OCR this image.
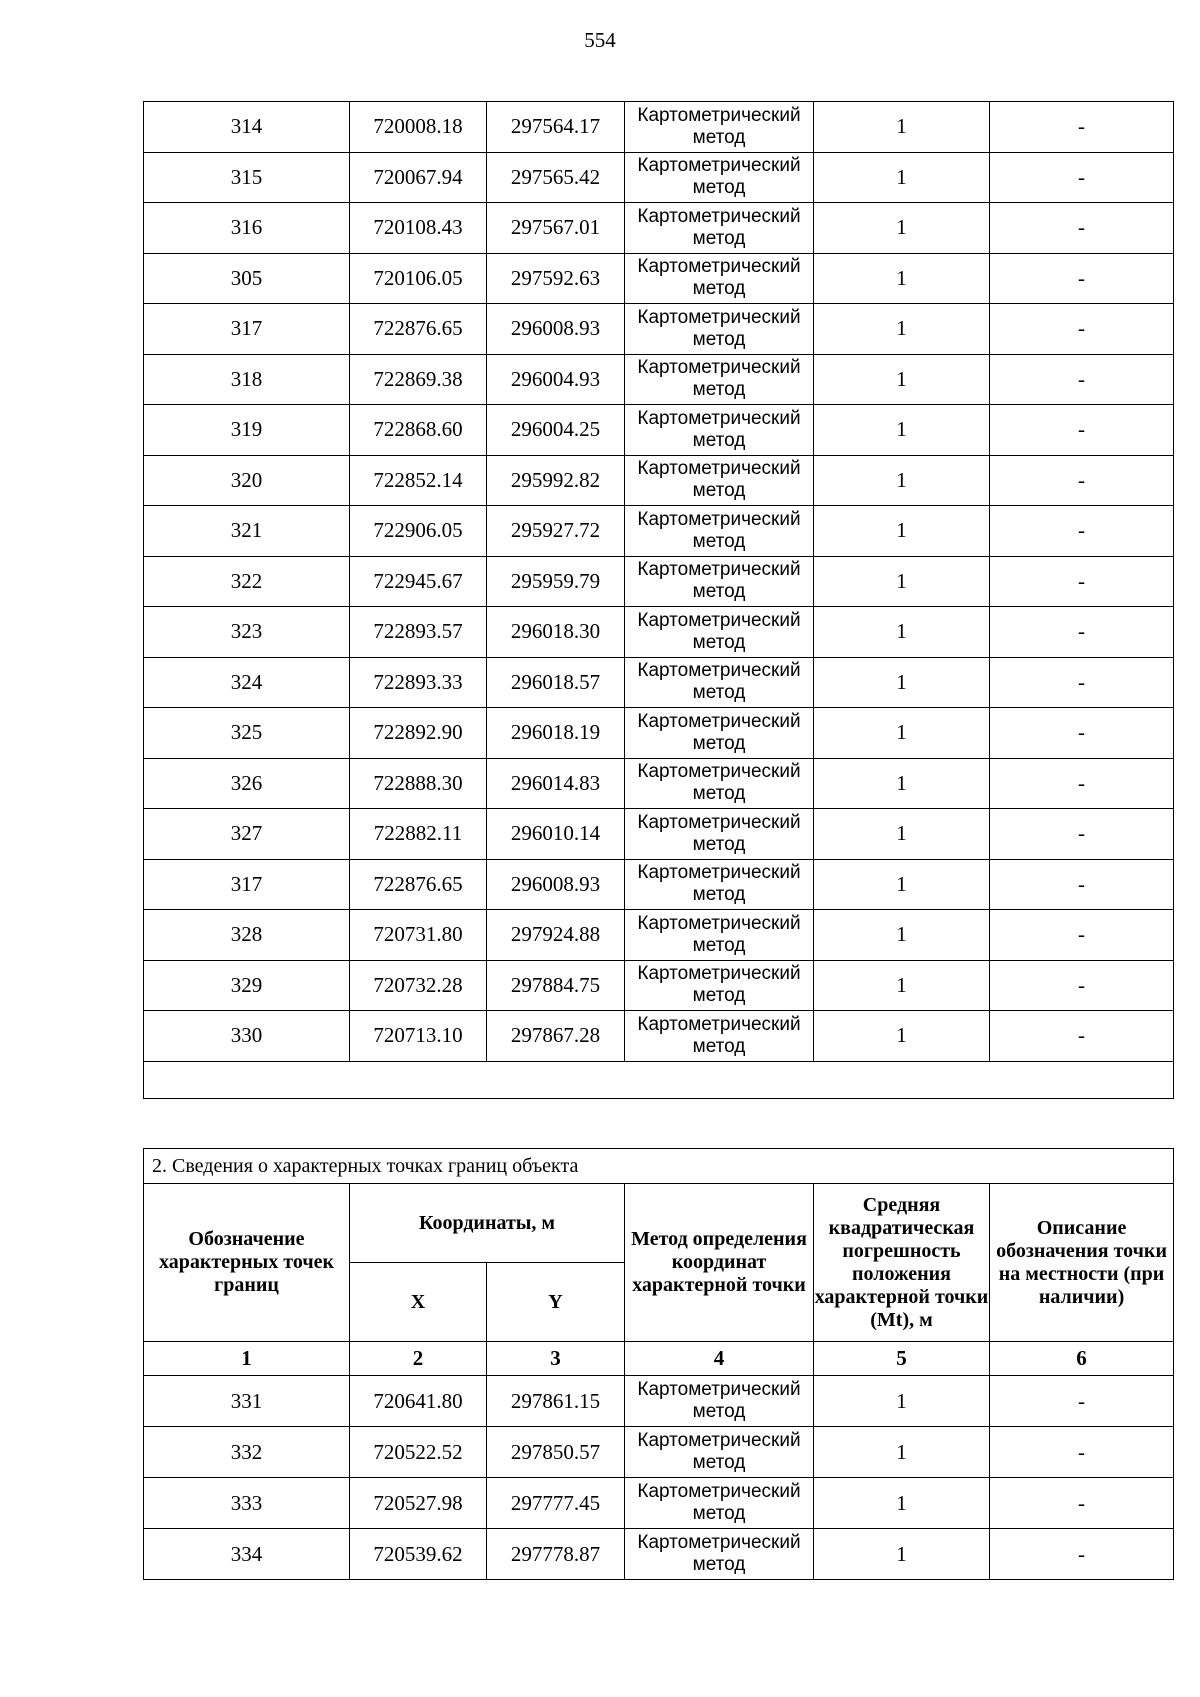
554
314	720008.18	297564.17	Картометрический метод	1	-
315	720067.94	297565.42	Картометрический метод	1	-
316	720108.43	297567.01	Картометрический метод	1	-
305	720106.05	297592.63	Картометрический метод	1	-
317	722876.65	296008.93	Картометрический метод	1	-
318	722869.38	296004.93	Картометрический метод	1	-
319	722868.60	296004.25	Картометрический метод	1	-
320	722852.14	295992.82	Картометрический метод	1	-
321	722906.05	295927.72	Картометрический метод	1	-
322	722945.67	295959.79	Картометрический метод	1	-
323	722893.57	296018.30	Картометрический метод	1	-
324	722893.33	296018.57	Картометрический метод	1	-
325	722892.90	296018.19	Картометрический метод	1	-
326	722888.30	296014.83	Картометрический метод	1	-
327	722882.11	296010.14	Картометрический метод	1	-
317	722876.65	296008.93	Картометрический метод	1	-
328	720731.80	297924.88	Картометрический метод	1	-
329	720732.28	297884.75	Картометрический метод	1	-
330	720713.10	297867.28	Картометрический метод	1	-

2. Сведения о характерных точках границ объекта					
Обозначение характерных точек границ	Координаты, м		Метод определения координат характерной точки	Средняя квадратическая погрешность положения характерной точки (Mt), м	Описание обозначения точки на местности (при наличии)
	X	Y			
1	2	3	4	5	6
331	720641.80	297861.15	Картометрический метод	1	-
332	720522.52	297850.57	Картометрический метод	1	-
333	720527.98	297777.45	Картометрический метод	1	-
334	720539.62	297778.87	Картометрический метод	1	-
